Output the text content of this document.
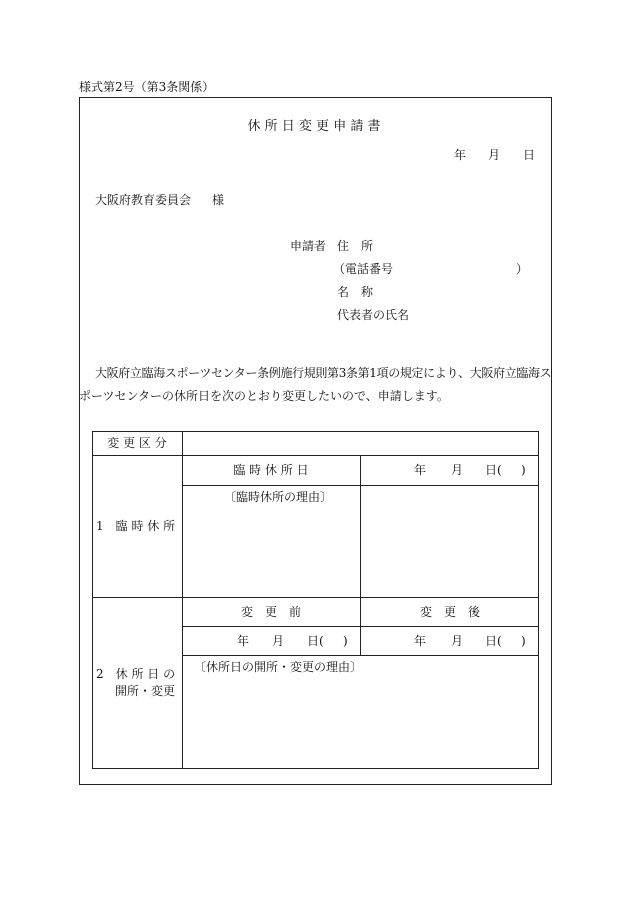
様式第2号（第3条関係）
休 所 日 変 更 申 請 書
年 月 日
大阪府教育委員会 様
申請者 住　所
（電話番号	）
名　称
代表者の氏名
大阪府立臨海スポーツセンター条例施行規則第3条第1項の規定により、大阪府立臨海ス
ポーツセンターの休所日を次のとおり変更したいので、申請します。
変 更 区 分
1　臨 時 休 所
臨 時 休 所 日	年 月 日( )
〔臨時休所の理由〕
2　休 所 日 の
開所・変更
変　更　前	変　更　後
年 月 日( )	年 月 日( )
〔休所日の開所・変更の理由〕
